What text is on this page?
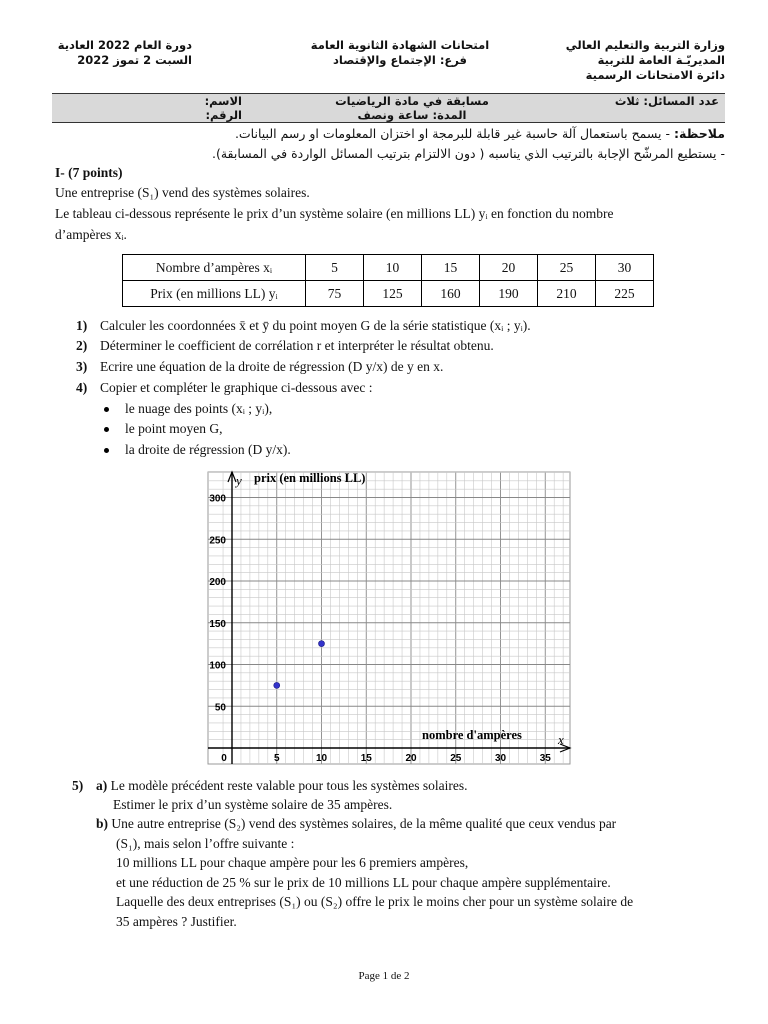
دورة العام 2022 العادية
السبت 2 تموز 2022
امتحانات الشهادة الثانوية العامة
فرع: الإجتماع والإقتصاد
وزارة التربية والتعليم العالي
المديريّـة العامة للتربية
دائرة الامتحانات الرسمية
عدد المسائل: ثلاث
مسابقة في مادة الرياضيات
المدة: ساعة ونصف
الاسم:
الرقم:
ملاحظة: - يسمح باستعمال آلة حاسبة غير قابلة للبرمجة او اختزان المعلومات او رسم البيانات.
- يستطيع المرشّح الإجابة بالترتيب الذي يناسبه ( دون الالتزام بترتيب المسائل الواردة في المسابقة).
I- (7 points)
Une entreprise (S₁) vend des systèmes solaires.
Le tableau ci-dessous représente le prix d’un système solaire (en millions LL) yᵢ en fonction du nombre
d’ampères xᵢ.
Nombre d’ampères xᵢ	5	10	15	20	25	30
Prix (en millions LL) yᵢ	75	125	160	190	210	225
1) Calculer les coordonnées x̄ et ȳ du point moyen G de la série statistique (xᵢ ; yᵢ).
2) Déterminer le coefficient de corrélation r et interpréter le résultat obtenu.
3) Ecrire une équation de la droite de régression (D y/x) de y en x.
4) Copier et compléter le graphique ci-dessous avec :
le nuage des points (xᵢ ; yᵢ),
le point moyen G,
la droite de régression (D y/x).
0	5	10	15	20	25	30	35
50
100
150
200
250
300
y prix (en millions LL)
x
nombre d'ampères
5) a) Le modèle précédent reste valable pour tous les systèmes solaires.
Estimer le prix d’un système solaire de 35 ampères.
b) Une autre entreprise (S₂) vend des systèmes solaires, de la même qualité que ceux vendus par
(S₁), mais selon l’offre suivante :
10 millions LL pour chaque ampère pour les 6 premiers ampères,
et une réduction de 25 % sur le prix de 10 millions LL pour chaque ampère supplémentaire.
Laquelle des deux entreprises (S₁) ou (S₂) offre le prix le moins cher pour un système solaire de
35 ampères ? Justifier.
Page 1 de 2
